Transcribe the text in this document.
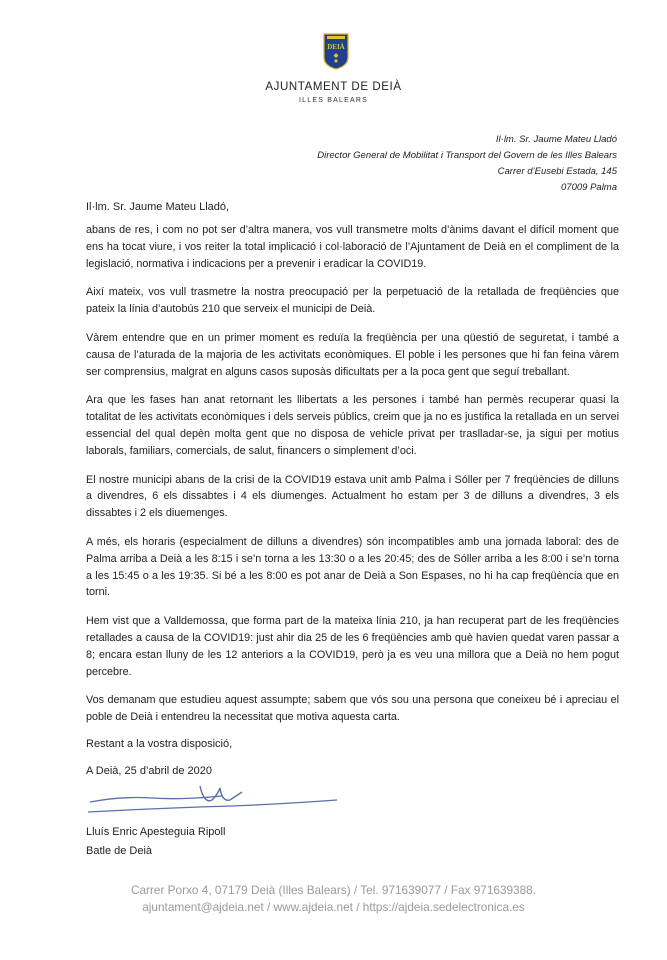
DEIÀ
AJUNTAMENT DE DEIÀ
ILLES BALEARS
Il·lm. Sr. Jaume Mateu Lladó
Director General de Mobilitat i Transport del Govern de les Illes Balears
Carrer d’Eusebi Estada, 145
07009 Palma
Il·lm. Sr. Jaume Mateu Lladó,

abans de res, i com no pot ser d’altra manera, vos vull transmetre molts d’ànims davant el difícil moment que ens ha tocat viure, i vos reiter la total implicació i col·laboració de l’Ajuntament de Deià en el compliment de la legislació, normativa i indicacions per a prevenir i eradicar la COVID19.

Així mateix, vos vull trasmetre la nostra preocupació per la perpetuació de la retallada de freqüències que pateix la línia d’autobús 210 que serveix el municipi de Deià.

Vàrem entendre que en un primer moment es reduïa la freqüència per una qüestió de seguretat, i també a causa de l’aturada de la majoria de les activitats econòmiques. El poble i les persones que hi fan feina vàrem ser comprensius, malgrat en alguns casos suposàs dificultats per a la poca gent que seguí treballant.

Ara que les fases han anat retornant les llibertats a les persones i també han permès recuperar quasi la totalitat de les activitats econòmiques i dels serveis públics, creim que ja no es justifica la retallada en un servei essencial del qual depèn molta gent que no disposa de vehicle privat per traslladar-se, ja sigui per motius laborals, familiars, comercials, de salut, financers o simplement d’oci.

El nostre municipi abans de la crisi de la COVID19 estava unit amb Palma i Sóller per 7 freqüències de dilluns a divendres, 6 els dissabtes i 4 els diumenges. Actualment ho estam per 3 de dilluns a divendres, 3 els dissabtes i 2 els diuemenges.

A més, els horaris (especialment de dilluns a divendres) són incompatibles amb una jornada laboral: des de Palma arriba a Deià a les 8:15 i se’n torna a les 13:30 o a les 20:45; des de Sóller arriba a les 8:00 i se’n torna a les 15:45 o a les 19:35. Si bé a les 8:00 es pot anar de Deià a Son Espases, no hi ha cap freqüència que en torni.

Hem vist que a Valldemossa, que forma part de la mateixa línia 210, ja han recuperat part de les freqüències retallades a causa de la COVID19: just ahir dia 25 de les 6 freqüències amb què havien quedat varen passar a 8; encara estan lluny de les 12 anteriors a la COVID19, però ja es veu una millora que a Deià no hem pogut percebre.

Vos demanam que estudieu aquest assumpte; sabem que vós sou una persona que coneixeu bé i apreciau el poble de Deià i entendreu la necessitat que motiva aquesta carta.

Restant a la vostra disposició,
A Deià, 25 d’abril de 2020
Lluís Enric Apesteguia Ripoll
Batle de Deià
Carrer Porxo 4, 07179 Deià (Illes Balears) / Tel. 971639077 / Fax 971639388.
ajuntament@ajdeia.net / www.ajdeia.net / https://ajdeia.sedelectronica.es
